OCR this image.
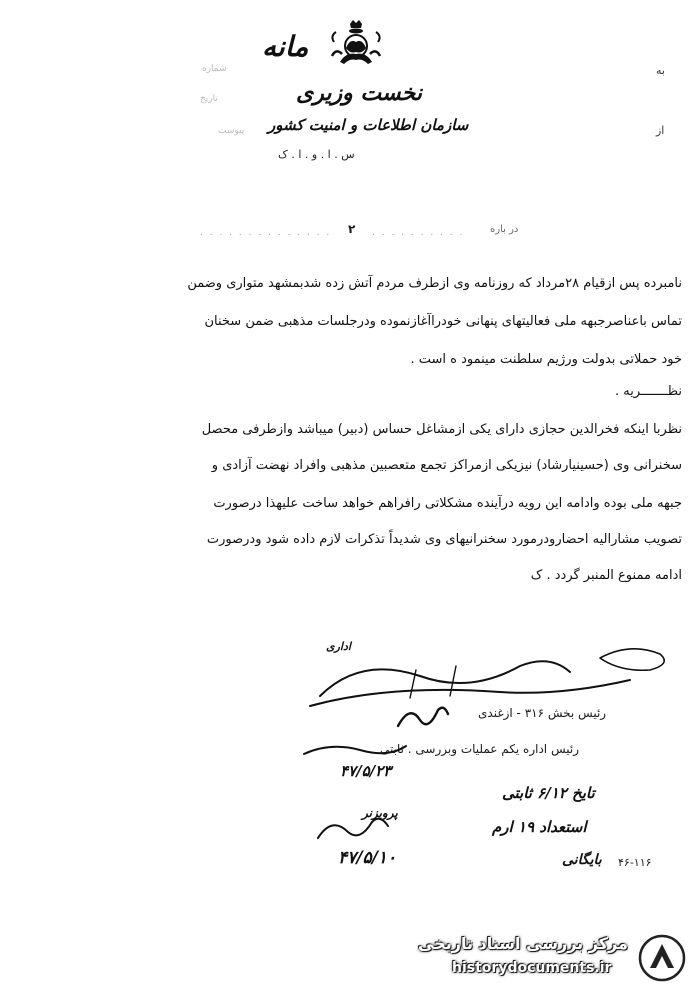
مانه
نخست وزیری
سازمان اطلاعات و امنیت کشور
س . ا . و . ا . ک
شماره
تاریخ
پیوست
به
از
. . . . . . . . . . . . . . ۲ . . . . . . . . . .	در باره
نامبرده پس ازقیام ۲۸مرداد که روزنامه وی ازطرف مردم آتش زده شدبمشهد متواری وضمن
تماس باعناصرجبهه ملی فعالیتهای پنهانی خودراآغازنموده ودرجلسات مذهبی ضمن سخنان
خود حملاتی بدولت ورژیم سلطنت مینمود ه است .
نظـــــــریه .
نظربا اینکه فخرالدین حجازی دارای یکی ازمشاغل حساس (دبیر) میباشد وازطرفی محصل
سخنرانی وی (حسینیارشاد) نیزیکی ازمراکز تجمع متعصبین مذهبی وافراد نهضت آزادی و
جبهه ملی بوده وادامه این رویه درآینده مشکلاتی رافراهم خواهد ساخت علیهذا درصورت
تصویب مشارالیه احضارودرمورد سخنرانیهای وی شدیداً تذکرات لازم داده شود ودرصورت
ادامه ممنوع المنبر گردد . ک
اداری
رئیس بخش ۳۱۶ - ازغندی
رئیس اداره یکم عملیات وبررسی . ثابتی
۴۷/۵/۲۳
تایخ ۶/۱۲ ثابتی
استعداد ۱۹ ارم
بایگانی
پرویزنر
۴۷/۵/۱۰	۴۶-۱۱۶
مرکز بررسی اسناد تاریخی
historydocuments.ir
